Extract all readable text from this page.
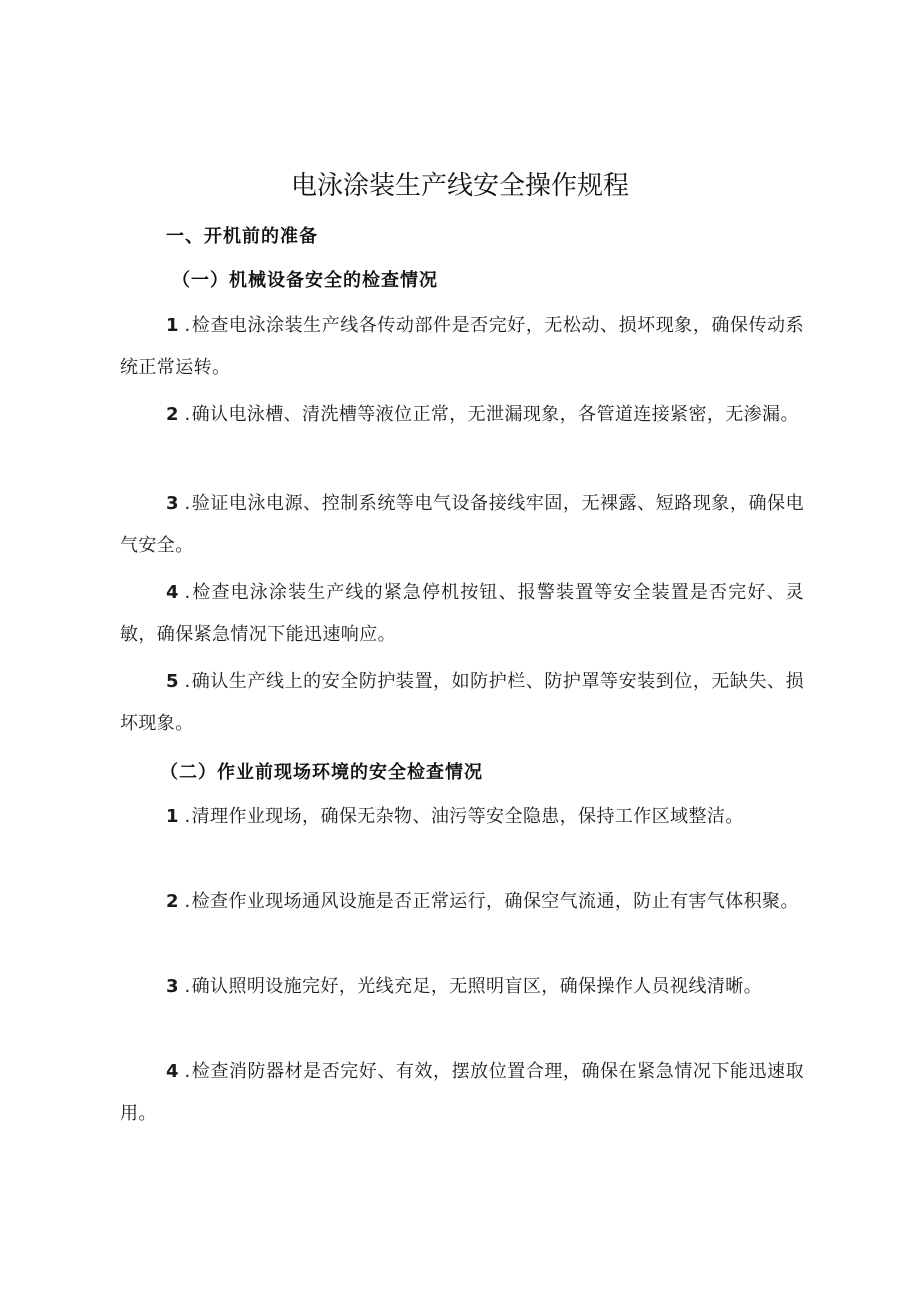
电泳涂装生产线安全操作规程
一、开机前的准备
（一）机械设备安全的检查情况

1 .检查电泳涂装生产线各传动部件是否完好，无松动、损坏现象，确保传动系统正常运转。

2 .确认电泳槽、清洗槽等液位正常，无泄漏现象，各管道连接紧密，无渗漏。

3 .验证电泳电源、控制系统等电气设备接线牢固，无裸露、短路现象，确保电气安全。

4 .检查电泳涂装生产线的紧急停机按钮、报警装置等安全装置是否完好、灵敏，确保紧急情况下能迅速响应。

5 .确认生产线上的安全防护装置，如防护栏、防护罩等安装到位，无缺失、损坏现象。

（二）作业前现场环境的安全检查情况

1 .清理作业现场，确保无杂物、油污等安全隐患，保持工作区域整洁。

2 .检查作业现场通风设施是否正常运行，确保空气流通，防止有害气体积聚。

3 .确认照明设施完好，光线充足，无照明盲区，确保操作人员视线清晰。

4 .检查消防器材是否完好、有效，摆放位置合理，确保在紧急情况下能迅速取用。
